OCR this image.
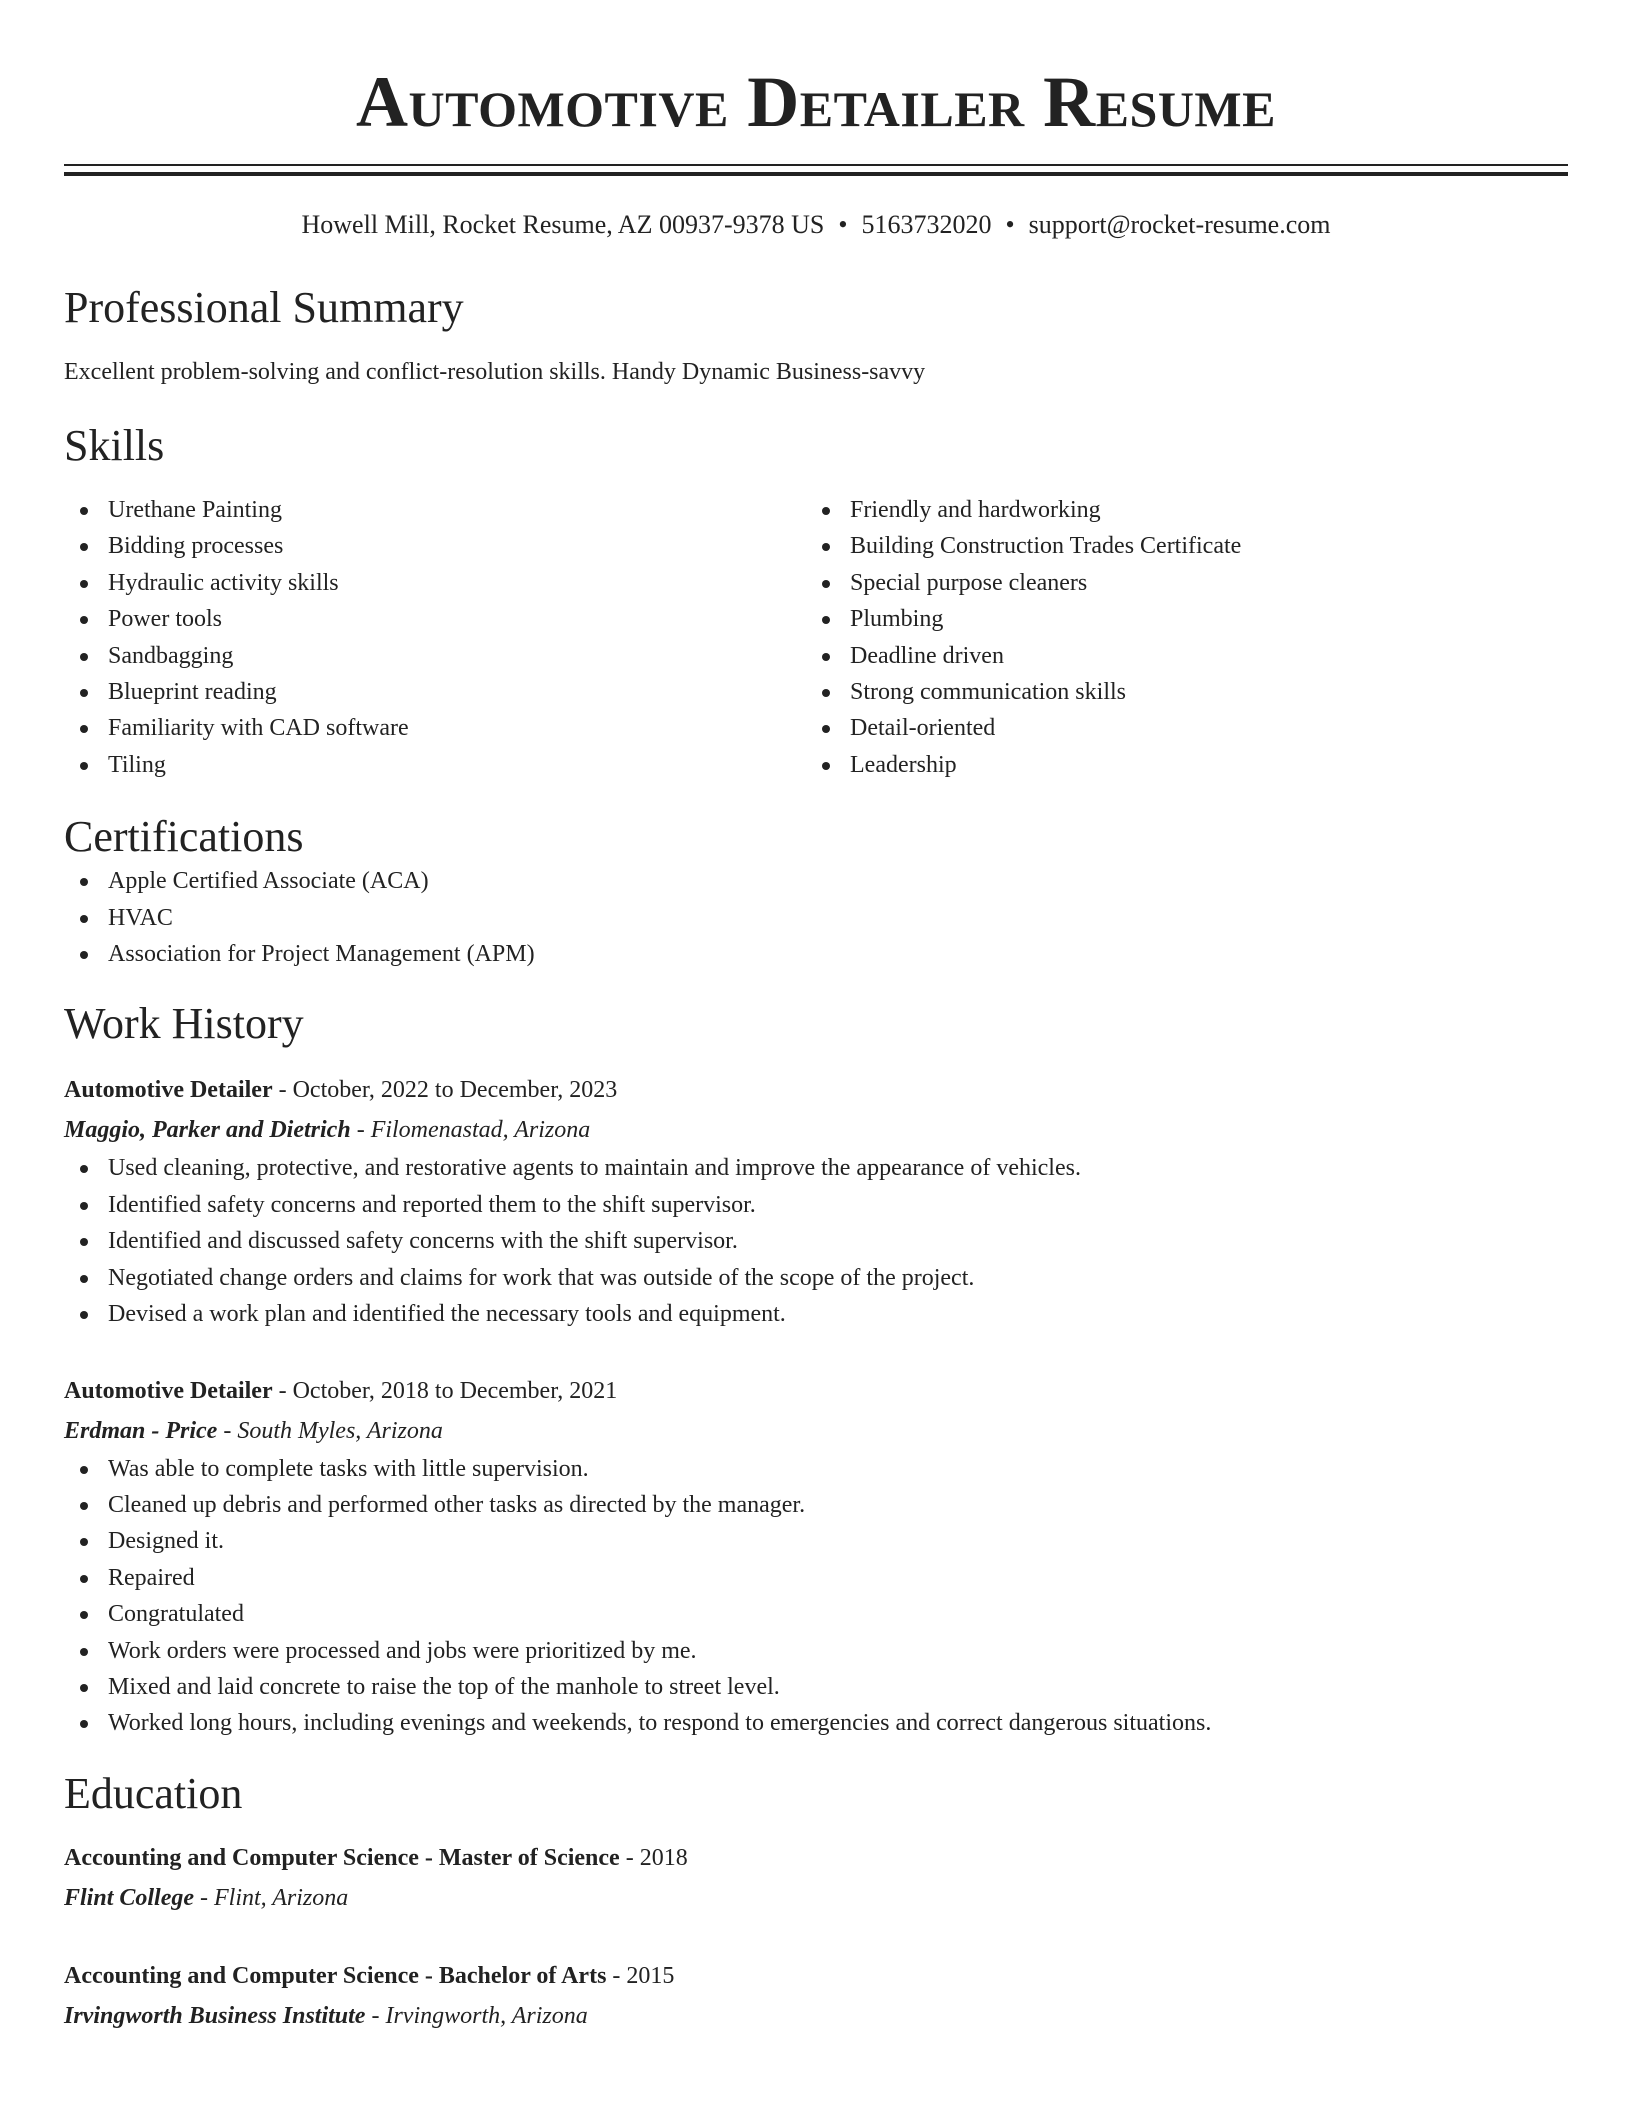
Automotive Detailer Resume
Howell Mill, Rocket Resume, AZ 00937-9378 US • 5163732020 • support@rocket-resume.com
Professional Summary
Excellent problem-solving and conflict-resolution skills. Handy Dynamic Business-savvy
Skills
Urethane Painting
Bidding processes
Hydraulic activity skills
Power tools
Sandbagging
Blueprint reading
Familiarity with CAD software
Tiling
Friendly and hardworking
Building Construction Trades Certificate
Special purpose cleaners
Plumbing
Deadline driven
Strong communication skills
Detail-oriented
Leadership
Certifications
Apple Certified Associate (ACA)
HVAC
Association for Project Management (APM)
Work History
Automotive Detailer - October, 2022 to December, 2023
Maggio, Parker and Dietrich - Filomenastad, Arizona
Used cleaning, protective, and restorative agents to maintain and improve the appearance of vehicles.
Identified safety concerns and reported them to the shift supervisor.
Identified and discussed safety concerns with the shift supervisor.
Negotiated change orders and claims for work that was outside of the scope of the project.
Devised a work plan and identified the necessary tools and equipment.
Automotive Detailer - October, 2018 to December, 2021
Erdman - Price - South Myles, Arizona
Was able to complete tasks with little supervision.
Cleaned up debris and performed other tasks as directed by the manager.
Designed it.
Repaired
Congratulated
Work orders were processed and jobs were prioritized by me.
Mixed and laid concrete to raise the top of the manhole to street level.
Worked long hours, including evenings and weekends, to respond to emergencies and correct dangerous situations.
Education
Accounting and Computer Science - Master of Science - 2018
Flint College - Flint, Arizona
Accounting and Computer Science - Bachelor of Arts - 2015
Irvingworth Business Institute - Irvingworth, Arizona
